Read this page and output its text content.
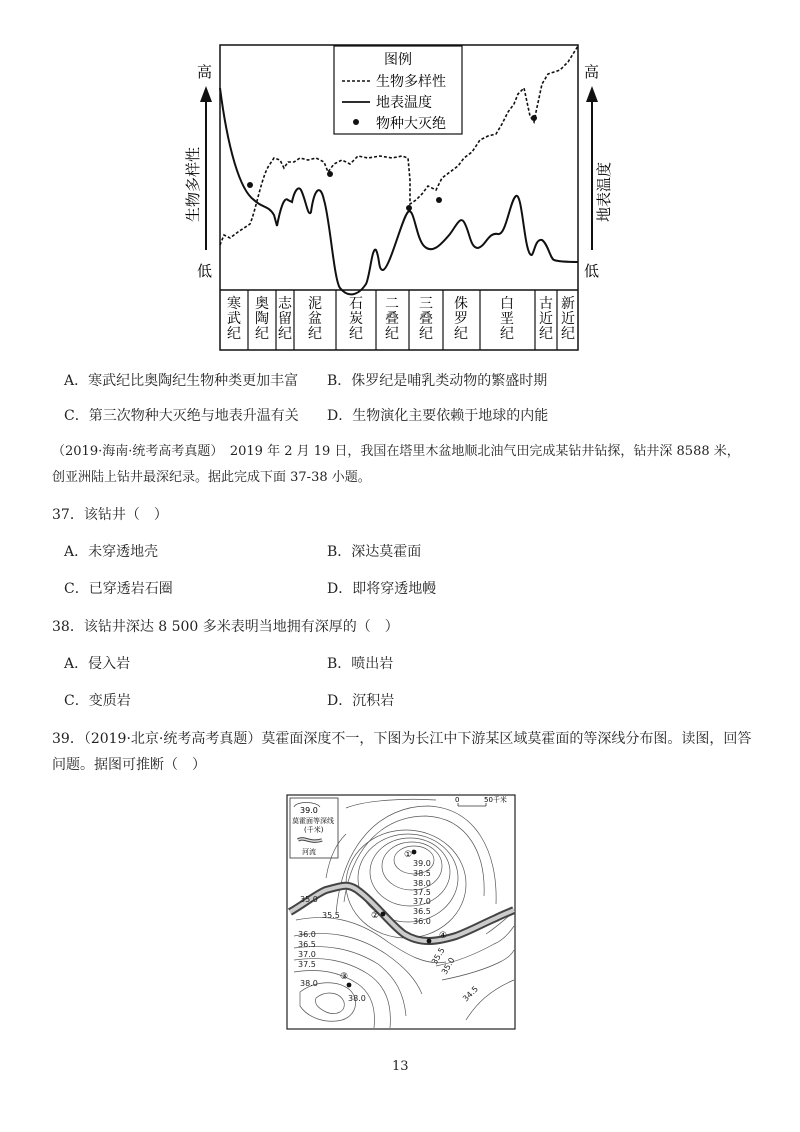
高
低
生物多样性
高
低
地表温度
图例
生物多样性
地表温度
物种大灭绝
寒武纪
奥陶纪
志留纪
泥盆纪
石炭纪
二叠纪
三叠纪
侏罗纪
白垩纪
古近纪
新近纪
A．寒武纪比奥陶纪生物种类更加丰富 B．侏罗纪是哺乳类动物的繁盛时期
C．第三次物种大灭绝与地表升温有关 D．生物演化主要依赖于地球的内能
（2019·海南·统考高考真题）　2019 年 2 月 19 日，我国在塔里木盆地顺北油气田完成某钻井钻探，钻井深 8588 米，
创亚洲陆上钻井最深纪录。据此完成下面 37-38 小题。
37．该钻井（　）
A．未穿透地壳	B．深达莫霍面
C．已穿透岩石圈	D．即将穿透地幔
38．该钻井深达 8 500 多米表明当地拥有深厚的（　）
A．侵入岩	B．喷出岩
C．变质岩	D．沉积岩
39．（2019·北京·统考高考真题）莫霍面深度不一，下图为长江中下游某区域莫霍面的等深线分布图。读图，回答
问题。据图可推断（　）
39.0
莫霍面等深线
(千米)
河流
0	50千米
①
②
③
④
39.0
38.5
38.0
37.5
37.0
36.5
36.0
35.0
35.5
36.0
36.5
37.0
37.5
38.0
38.0
35.5
35.0
34.5
13
